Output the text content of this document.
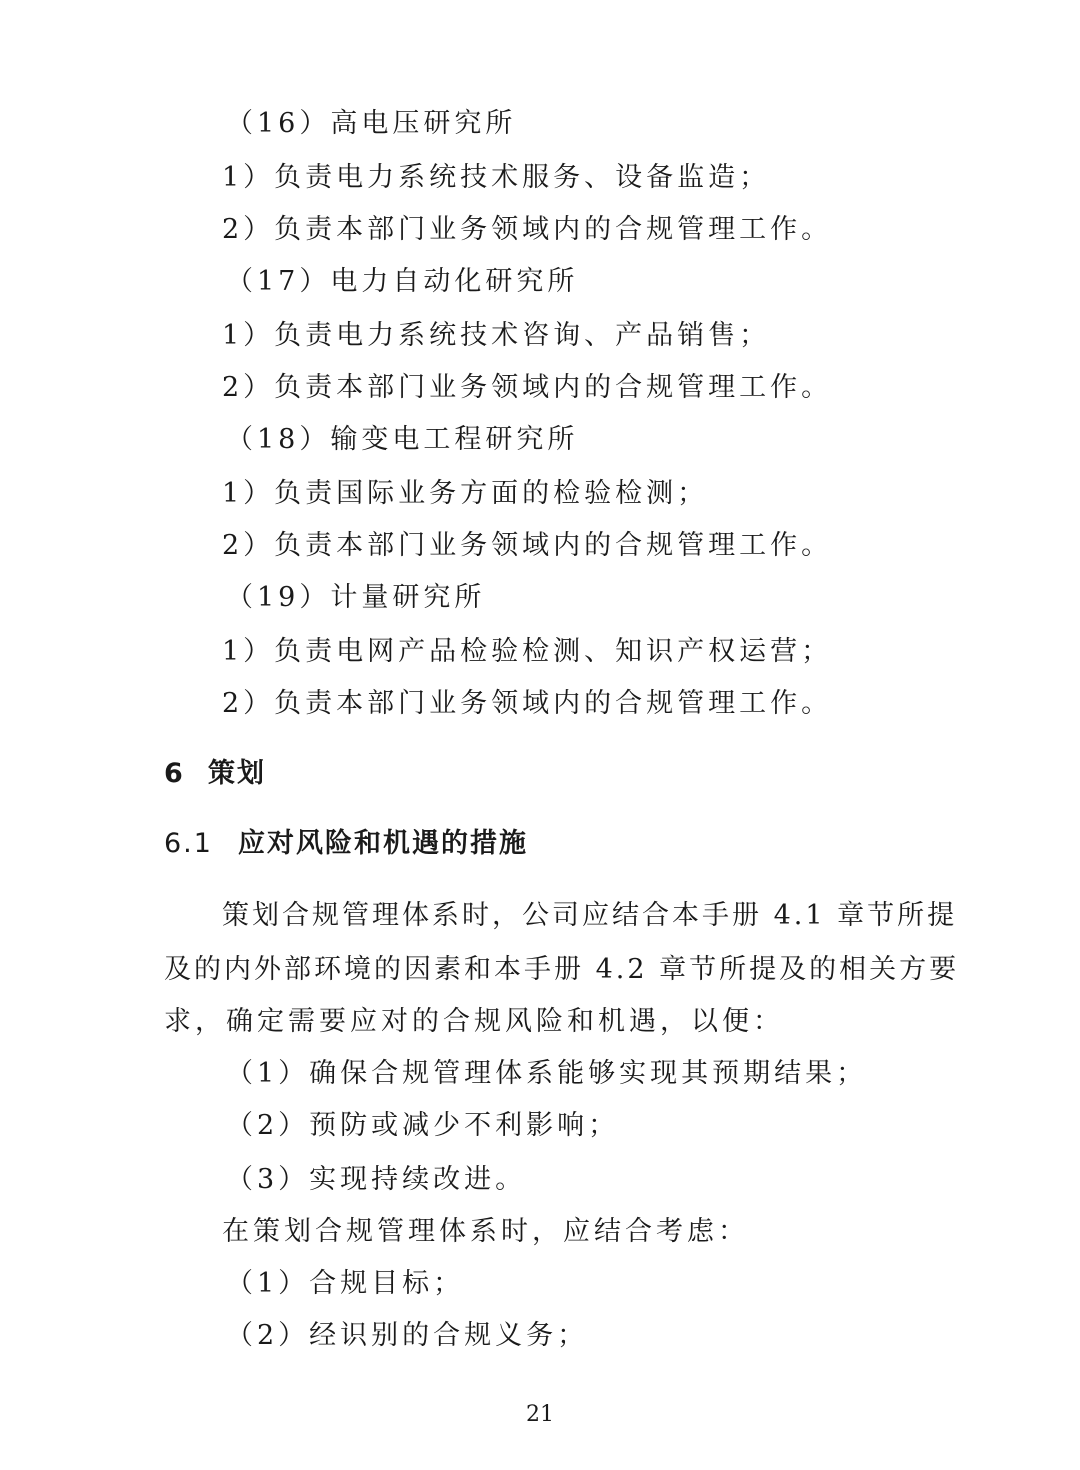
（16）高电压研究所
1）负责电力系统技术服务、设备监造；
2）负责本部门业务领域内的合规管理工作。
（17）电力自动化研究所
1）负责电力系统技术咨询、产品销售；
2）负责本部门业务领域内的合规管理工作。
（18）输变电工程研究所
1）负责国际业务方面的检验检测；
2）负责本部门业务领域内的合规管理工作。
（19）计量研究所
1）负责电网产品检验检测、知识产权运营；
2）负责本部门业务领域内的合规管理工作。
6 策划
6.1 应对风险和机遇的措施
策划合规管理体系时，公司应结合本手册 4.1 章节所提
及的内外部环境的因素和本手册 4.2 章节所提及的相关方要
求，确定需要应对的合规风险和机遇，以便：
（1）确保合规管理体系能够实现其预期结果；
（2）预防或减少不利影响；
（3）实现持续改进。
在策划合规管理体系时，应结合考虑：
（1）合规目标；
（2）经识别的合规义务；
21
